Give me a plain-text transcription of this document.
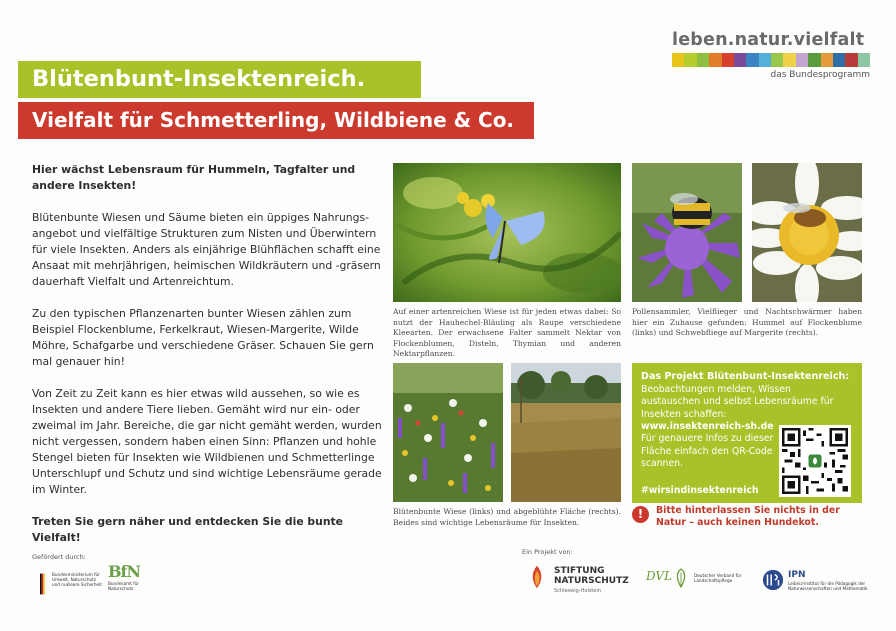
leben.natur.vielfalt
das Bundesprogramm
Blütenbunt-Insektenreich.
Vielfalt für Schmetterling, Wildbiene & Co.

Hier wächst Lebensraum für Hummeln, Tagfalter und andere Insekten!

Blütenbunte Wiesen und Säume bieten ein üppiges Nahrungsangebot und vielfältige Strukturen zum Nisten und Überwintern für viele Insekten. Anders als einjährige Blühflächen schafft eine Ansaat mit mehrjährigen, heimischen Wildkräutern und -gräsern dauerhaft Vielfalt und Artenreichtum.

Zu den typischen Pflanzenarten bunter Wiesen zählen zum Beispiel Flockenblume, Ferkelkraut, Wiesen-Margerite, Wilde Möhre, Schafgarbe und verschiedene Gräser. Schauen Sie gern mal genauer hin!

Von Zeit zu Zeit kann es hier etwas wild aussehen, so wie es Insekten und andere Tiere lieben. Gemäht wird nur ein- oder zweimal im Jahr. Bereiche, die gar nicht gemäht werden, wurden nicht vergessen, sondern haben einen Sinn: Pflanzen und hohle Stengel bieten für Insekten wie Wildbienen und Schmetterlinge Unterschlupf und Schutz und sind wichtige Lebensräume gerade im Winter.

Treten Sie gern näher und entdecken Sie die bunte Vielfalt!

Auf einer artenreichen Wiese ist für jeden etwas dabei: So nutzt der Hauhechel-Bläuling als Raupe verschiedene Kleearten. Der erwachsene Falter sammelt Nektar von Flockenblumen, Disteln, Thymian und anderen Nektarpflanzen.
Pollensammler, Vielflieger und Nachtschwärmer haben hier ein Zuhause gefunden: Hummel auf Flockenblume (links) und Schwebfliege auf Margerite (rechts).
Blütenbunte Wiese (links) und abgeblühte Fläche (rechts). Beides sind wichtige Lebensräume für Insekten.
Das Projekt Blütenbunt-Insektenreich:
Beobachtungen melden, Wissen austauschen und selbst Lebensräume für Insekten schaffen:
www.insektenreich-sh.de
Für genauere Infos zu dieser Fläche einfach den QR-Code scannen.
#wirsindinsektenreich
!	Bitte hinterlassen Sie nichts in der Natur – auch keinen Hundekot.
Gefördert durch:
Bundesministerium für Umwelt, Naturschutz und nukleare Sicherheit
BfN
Bundesamt für Naturschutz
Ein Projekt von:
STIFTUNG
NATURSCHUTZ
Schleswig-Holstein
DVL	Deutscher Verband für Landschaftspflege
IPN
Leibniz-Institut für die Pädagogik der Naturwissenschaften und Mathematik
